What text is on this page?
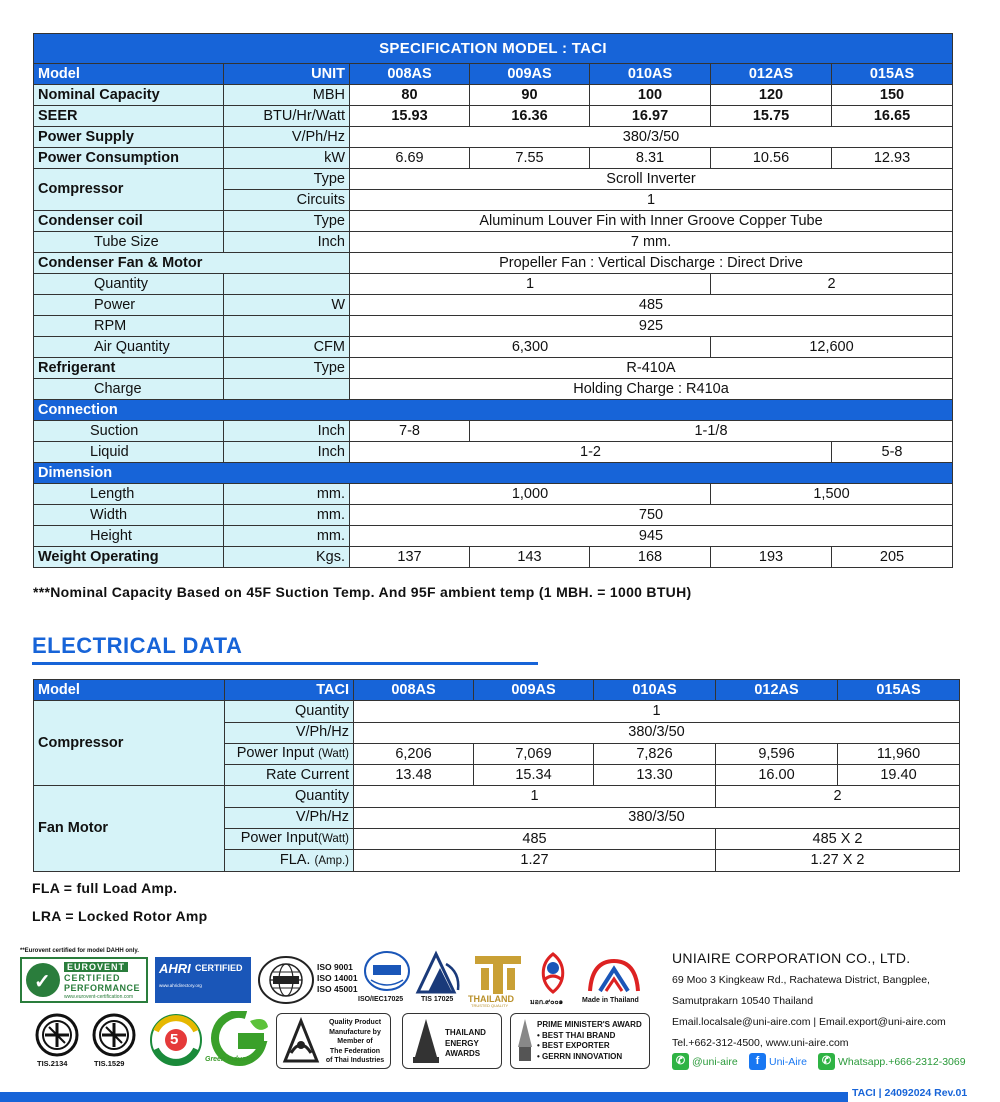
SPECIFICATION MODEL : TACI						
Model	UNIT	008AS	009AS	010AS	012AS	015AS
Nominal Capacity	MBH	80	90	100	120	150
SEER	BTU/Hr/Watt	15.93	16.36	16.97	15.75	16.65
Power Supply	V/Ph/Hz	380/3/50				
Power Consumption	kW	6.69	7.55	8.31	10.56	12.93
Compressor	Type	Scroll Inverter				
	Circuits	1				
Condenser coil	Type	Aluminum Louver Fin with Inner Groove Copper Tube				
Tube Size	Inch	7 mm.				
Condenser Fan & Motor		Propeller Fan : Vertical Discharge : Direct Drive				
Quantity		1			2	
Power	W	485				
RPM		925				
Air Quantity	CFM	6,300			12,600	
Refrigerant	Type	R-410A				
Charge		Holding Charge : R410a				
Connection						
Suction	Inch	7-8	1-1/8			
Liquid	Inch	1-2				5-8
Dimension						
Length	mm.	1,000			1,500	
Width	mm.	750				
Height	mm.	945				
Weight Operating	Kgs.	137	143	168	193	205
***Nominal Capacity Based on 45F Suction Temp. And 95F ambient temp (1 MBH. = 1000 BTUH)
ELECTRICAL DATA
Model	TACI	008AS	009AS	010AS	012AS	015AS
Compressor	Quantity	1				
	V/Ph/Hz	380/3/50				
	Power Input (Watt)	6,206	7,069	7,826	9,596	11,960
	Rate Current	13.48	15.34	13.30	16.00	19.40
Fan Motor	Quantity	1			2	
	V/Ph/Hz	380/3/50				
	Power Input(Watt)	485			485 X 2	
	FLA. (Amp.)	1.27			1.27 X 2	
FLA = full Load Amp.
LRA = Locked Rotor Amp
**Eurovent certified for model DAHH only.
✓
EUROVENT
CERTIFIED
PERFORMANCE
www.eurovent-certification.com
AHRI CERTIFIED
www.ahridirectory.org
ISO 9001
ISO 14001
ISO 45001
ISO/IEC17025	TIS 17025 THAILAND
TRUSTED QUALITY	มอก.๙๐๐๑	Made in Thailand
TIS.2134	TIS.1529
5
Green Industry
Quality Product
Manufacture by
Member of
The Federation
of Thai Industries
THAILAND
ENERGY
AWARDS
PRIME MINISTER'S AWARD
• BEST THAI BRAND
• BEST EXPORTER
• GERRN INNOVATION
UNIAIRE CORPORATION CO., LTD.
69 Moo 3 Kingkeaw Rd., Rachatewa District, Bangplee,
Samutprakarn 10540 Thailand
Email.localsale@uni-aire.com | Email.export@uni-aire.com
Tel.+662-312-4500, www.uni-aire.com
✆ @uni-aire	f Uni-Aire	✆ Whatsapp.+666-2312-3069
TACI | 24092024 Rev.01
